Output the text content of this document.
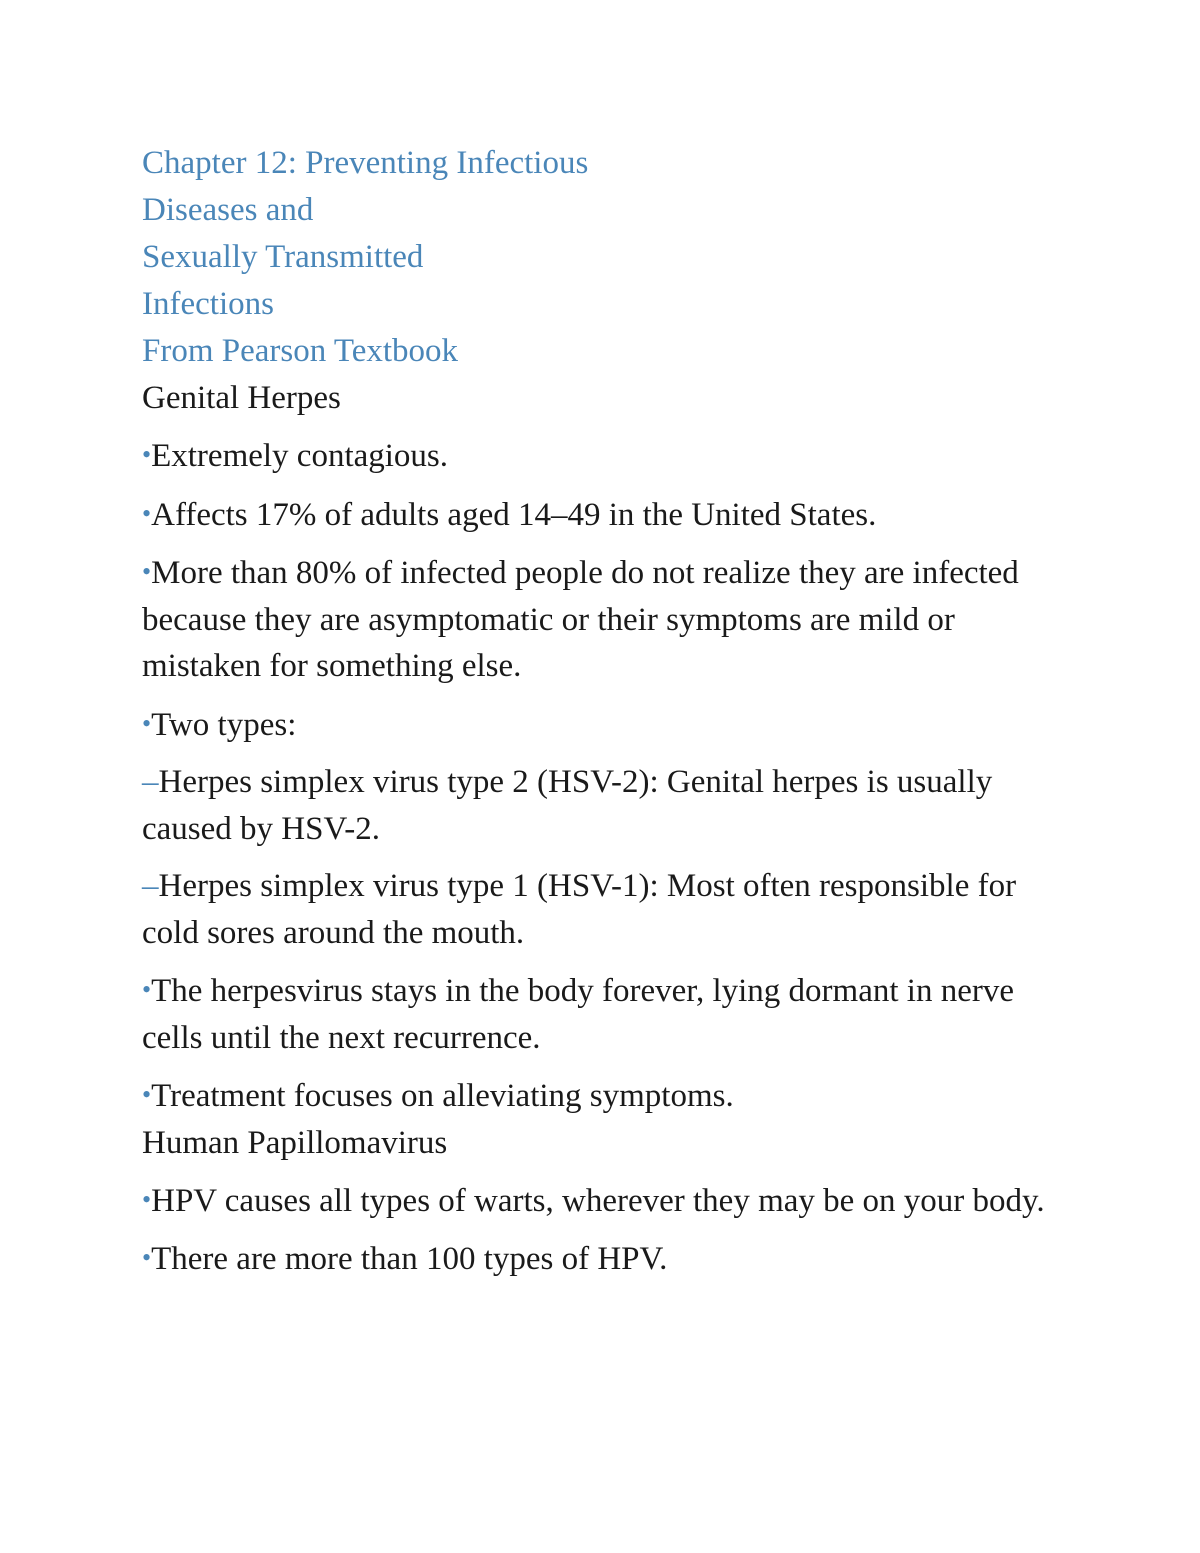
Chapter 12: Preventing Infectious
Diseases and
Sexually Transmitted
Infections
From Pearson Textbook
Genital Herpes
•Extremely contagious.
•Affects 17% of adults aged 14–49 in the United States.
•More than 80% of infected people do not realize they are infected because they are asymptomatic or their symptoms are mild or mistaken for something else.
•Two types:
–Herpes simplex virus type 2 (HSV-2): Genital herpes is usually caused by HSV-2.
–Herpes simplex virus type 1 (HSV-1): Most often responsible for cold sores around the mouth.
•The herpesvirus stays in the body forever, lying dormant in nerve cells until the next recurrence.
•Treatment focuses on alleviating symptoms.
Human Papillomavirus
•HPV causes all types of warts, wherever they may be on your body.
•There are more than 100 types of HPV.
